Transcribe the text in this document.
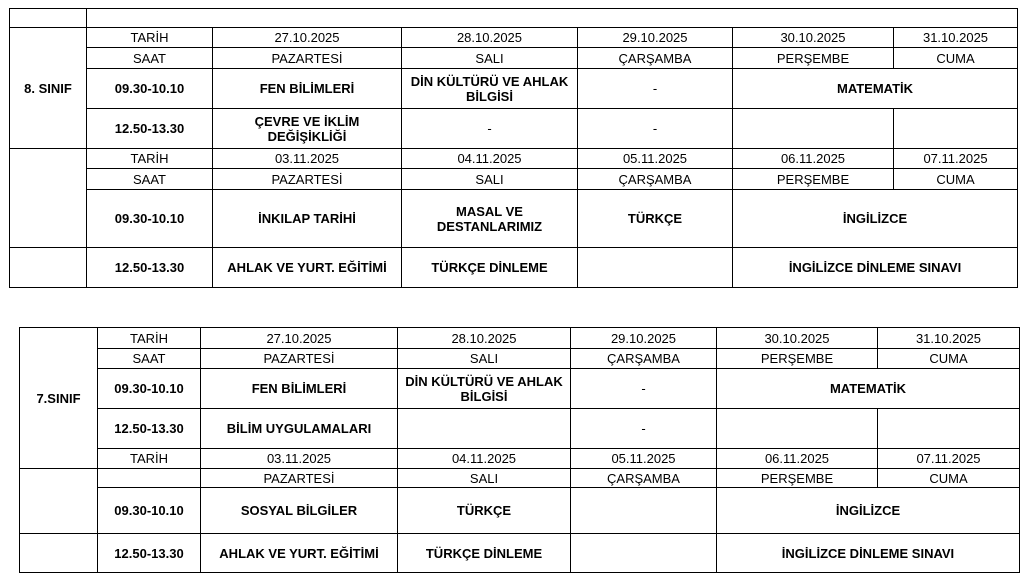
8. SINIF	TARİH	27.10.2025	28.10.2025	29.10.2025	30.10.2025	31.10.2025	
	SAAT	PAZARTESİ	SALI	ÇARŞAMBA	PERŞEMBE	CUMA	
	09.30-10.10	FEN BİLİMLERİ	DİN KÜLTÜRÜ VE AHLAK BİLGİSİ	-	MATEMATİK		
	12.50-13.30	ÇEVRE VE İKLİM DEĞİŞİKLİĞİ	-	-			
	TARİH	03.11.2025	04.11.2025	05.11.2025	06.11.2025	07.11.2025	
	SAAT	PAZARTESİ	SALI	ÇARŞAMBA	PERŞEMBE	CUMA	
	09.30-10.10	İNKILAP TARİHİ	MASAL VE DESTANLARIMIZ	TÜRKÇE	İNGİLİZCE	
	12.50-13.30	AHLAK VE YURT. EĞİTİMİ	TÜRKÇE DİNLEME		İNGİLİZCE DİNLEME SINAVI		
7.SINIF	TARİH	27.10.2025	28.10.2025	29.10.2025	30.10.2025	31.10.2025	
	SAAT	PAZARTESİ	SALI	ÇARŞAMBA	PERŞEMBE	CUMA	
	09.30-10.10	FEN BİLİMLERİ	DİN KÜLTÜRÜ VE AHLAK BİLGİSİ	-	MATEMATİK		
	12.50-13.30	BİLİM UYGULAMALARI		-			
	TARİH	03.11.2025	04.11.2025	05.11.2025	06.11.2025	07.11.2025	
		PAZARTESİ	SALI	ÇARŞAMBA	PERŞEMBE	CUMA	
	09.30-10.10	SOSYAL BİLGİLER	TÜRKÇE		İNGİLİZCE	
	12.50-13.30	AHLAK VE YURT. EĞİTİMİ	TÜRKÇE DİNLEME		İNGİLİZCE DİNLEME SINAVI		
